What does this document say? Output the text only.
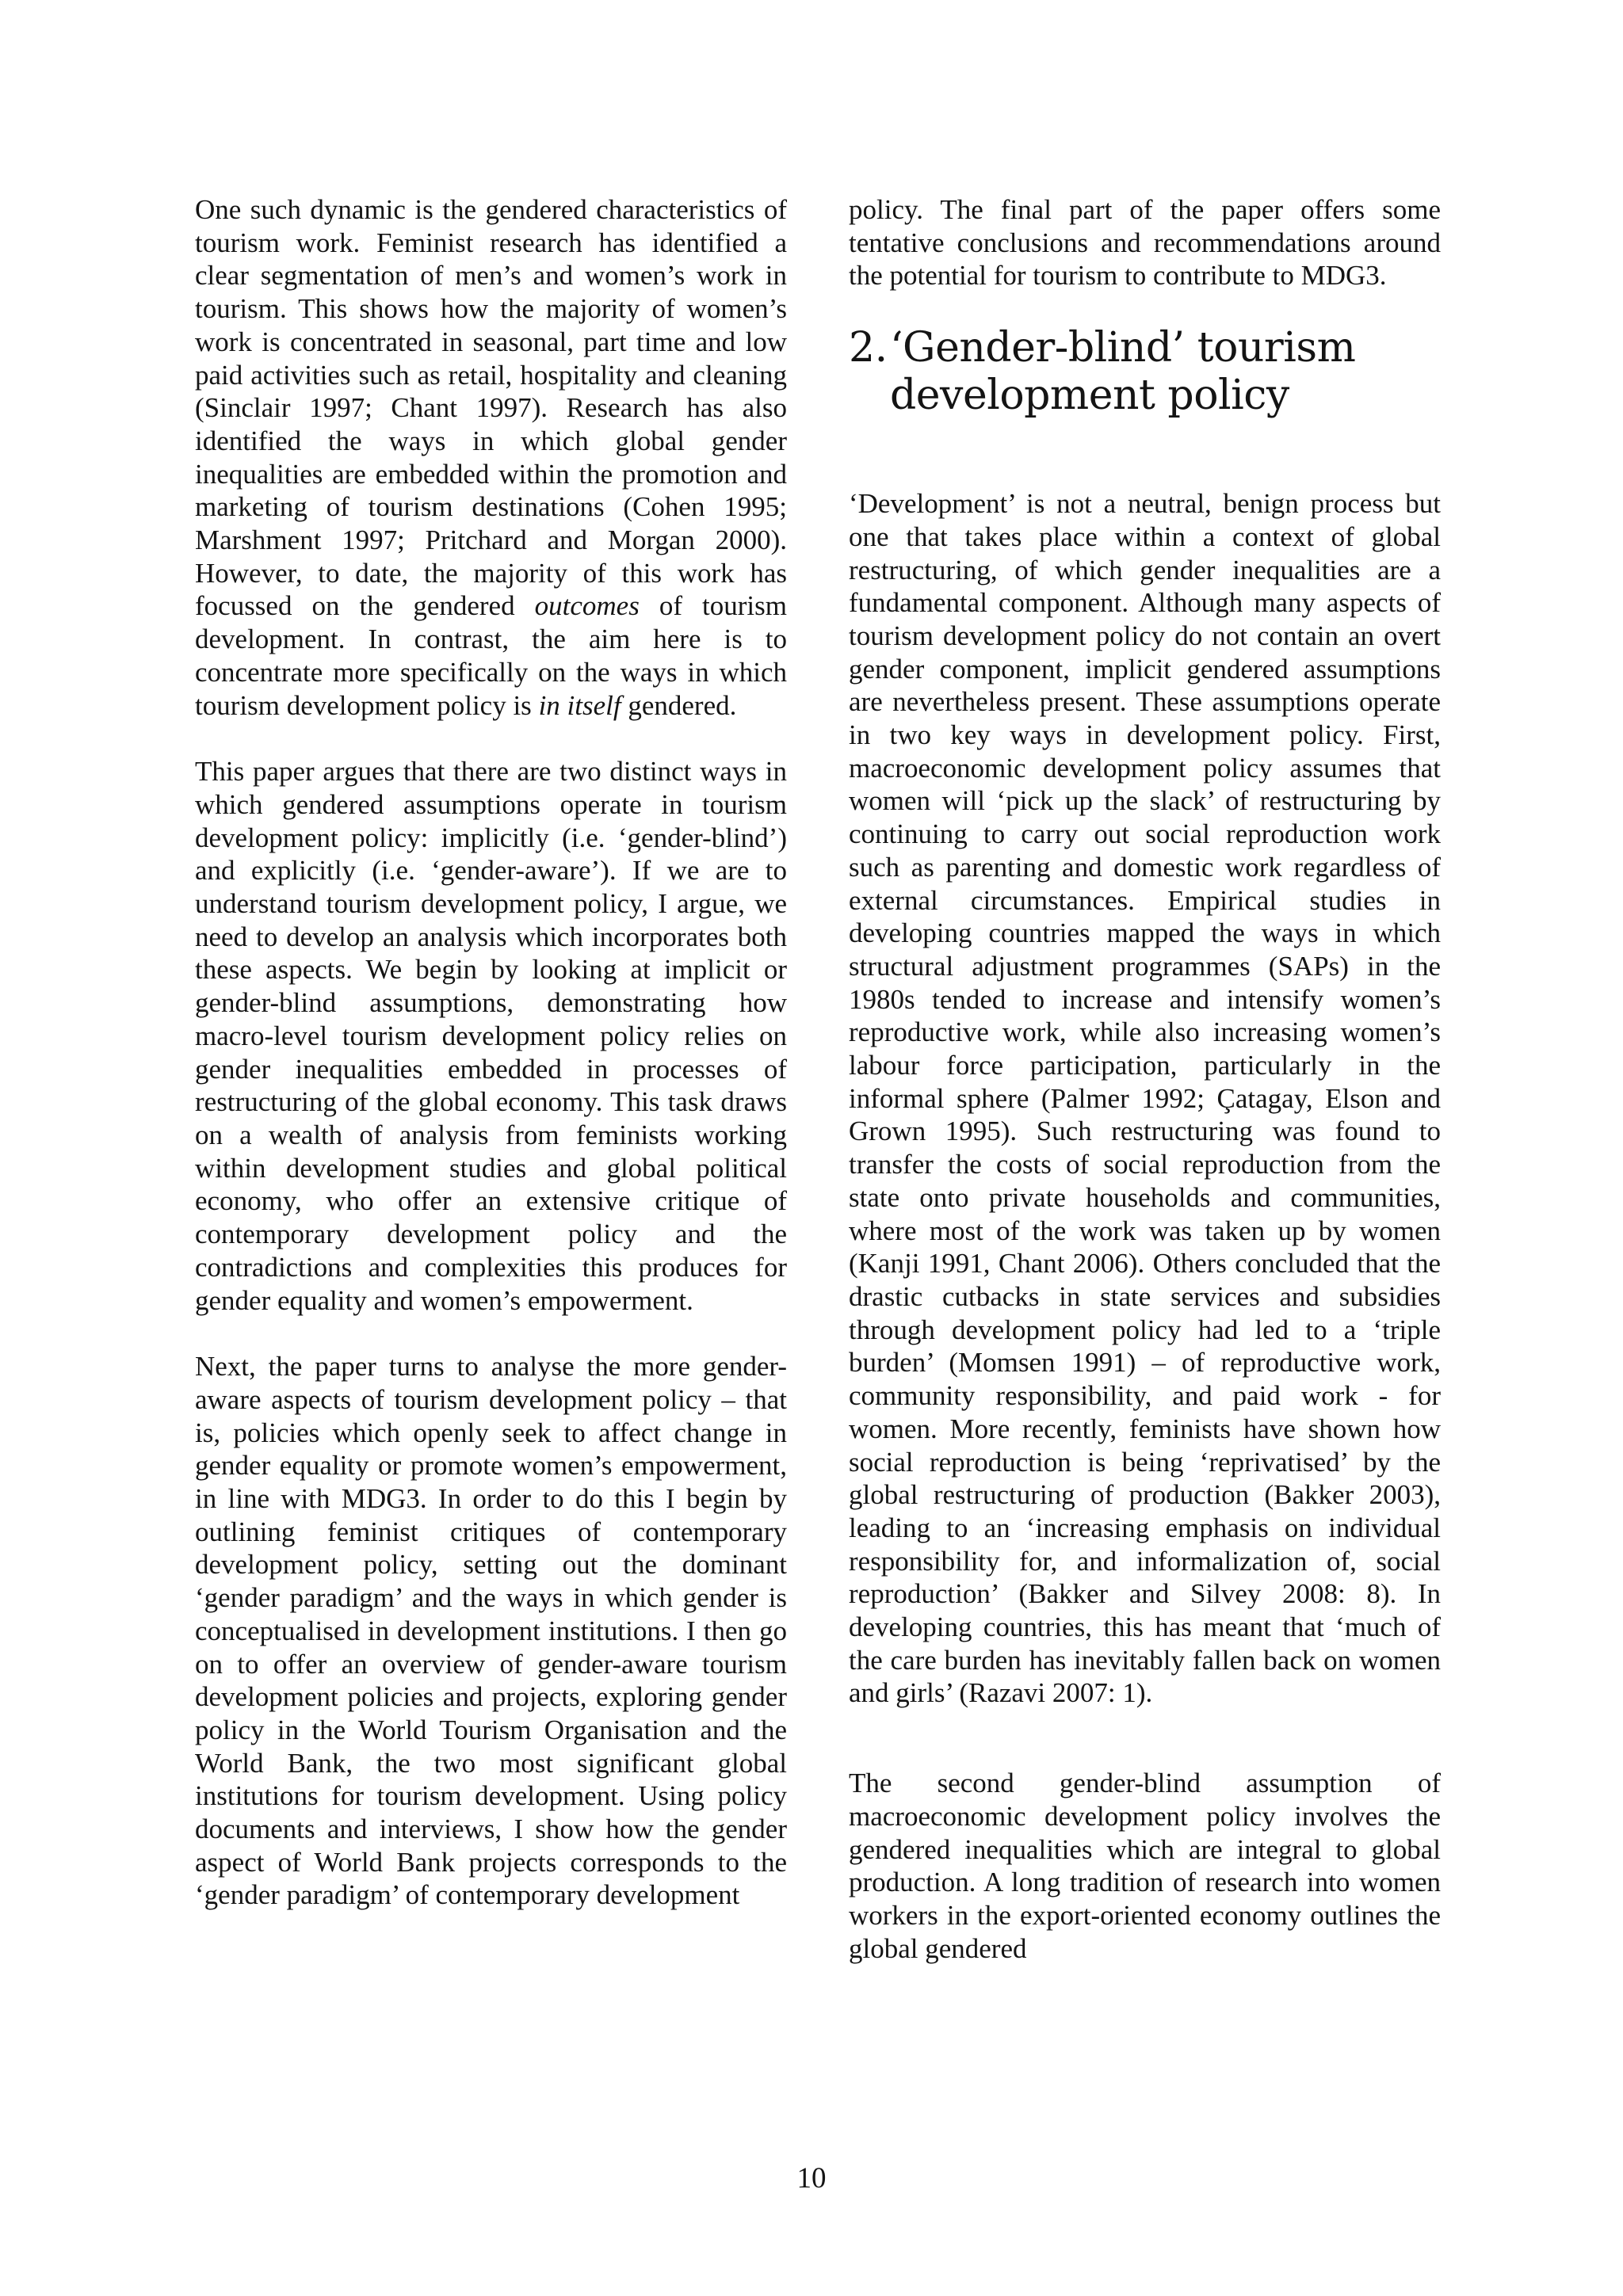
One such dynamic is the gendered characteristics of tourism work. Feminist research has identified a clear segmentation of men’s and women’s work in tourism. This shows how the majority of women’s work is concentrated in seasonal, part time and low paid activities such as retail, hospitality and cleaning (Sinclair 1997; Chant 1997). Research has also identified the ways in which global gender inequalities are embedded within the promotion and marketing of tourism destinations (Cohen 1995; Marshment 1997; Pritchard and Morgan 2000). However, to date, the majority of this work has focussed on the gendered outcomes of tourism development. In contrast, the aim here is to concentrate more specifically on the ways in which tourism development policy is in itself gendered.

This paper argues that there are two distinct ways in which gendered assumptions operate in tourism development policy: implicitly (i.e. ‘gender-blind’) and explicitly (i.e. ‘gender-aware’). If we are to understand tourism development policy, I argue, we need to develop an analysis which incorporates both these aspects. We begin by looking at implicit or gender-blind assumptions, demonstrating how macro-level tourism development policy relies on gender inequalities embedded in processes of restructuring of the global economy. This task draws on a wealth of analysis from feminists working within development studies and global political economy, who offer an extensive critique of contemporary development policy and the contradictions and complexities this produces for gender equality and women’s empowerment.

Next, the paper turns to analyse the more gender-aware aspects of tourism development policy – that is, policies which openly seek to affect change in gender equality or promote women’s empowerment, in line with MDG3. In order to do this I begin by outlining feminist critiques of contemporary development policy, setting out the dominant ‘gender paradigm’ and the ways in which gender is conceptualised in development institutions. I then go on to offer an overview of gender-aware tourism development policies and projects, exploring gender policy in the World Tourism Organisation and the World Bank, the two most significant global institutions for tourism development. Using policy documents and interviews, I show how the gender aspect of World Bank projects corresponds to the ‘gender paradigm’ of contemporary development

policy. The final part of the paper offers some tentative conclusions and recommendations around the potential for tourism to contribute to MDG3.

2. ‘Gender-blind’ tourism development policy

‘Development’ is not a neutral, benign process but one that takes place within a context of global restructuring, of which gender inequalities are a fundamental component. Although many aspects of tourism development policy do not contain an overt gender component, implicit gendered assumptions are nevertheless present. These assumptions operate in two key ways in development policy. First, macroeconomic development policy assumes that women will ‘pick up the slack’ of restructuring by continuing to carry out social reproduction work such as parenting and domestic work regardless of external circumstances. Empirical studies in developing countries mapped the ways in which structural adjustment programmes (SAPs) in the 1980s tended to increase and intensify women’s reproductive work, while also increasing women’s labour force participation, particularly in the informal sphere (Palmer 1992; Çatagay, Elson and Grown 1995). Such restructuring was found to transfer the costs of social reproduction from the state onto private households and communities, where most of the work was taken up by women (Kanji 1991, Chant 2006). Others concluded that the drastic cutbacks in state services and subsidies through development policy had led to a ‘triple burden’ (Momsen 1991) – of reproductive work, community responsibility, and paid work - for women. More recently, feminists have shown how social reproduction is being ‘reprivatised’ by the global restructuring of production (Bakker 2003), leading to an ‘increasing emphasis on individual responsibility for, and informalization of, social reproduction’ (Bakker and Silvey 2008: 8). In developing countries, this has meant that ‘much of the care burden has inevitably fallen back on women and girls’ (Razavi 2007: 1).

The second gender-blind assumption of macroeconomic development policy involves the gendered inequalities which are integral to global production. A long tradition of research into women workers in the export-oriented economy outlines the global gendered

10
